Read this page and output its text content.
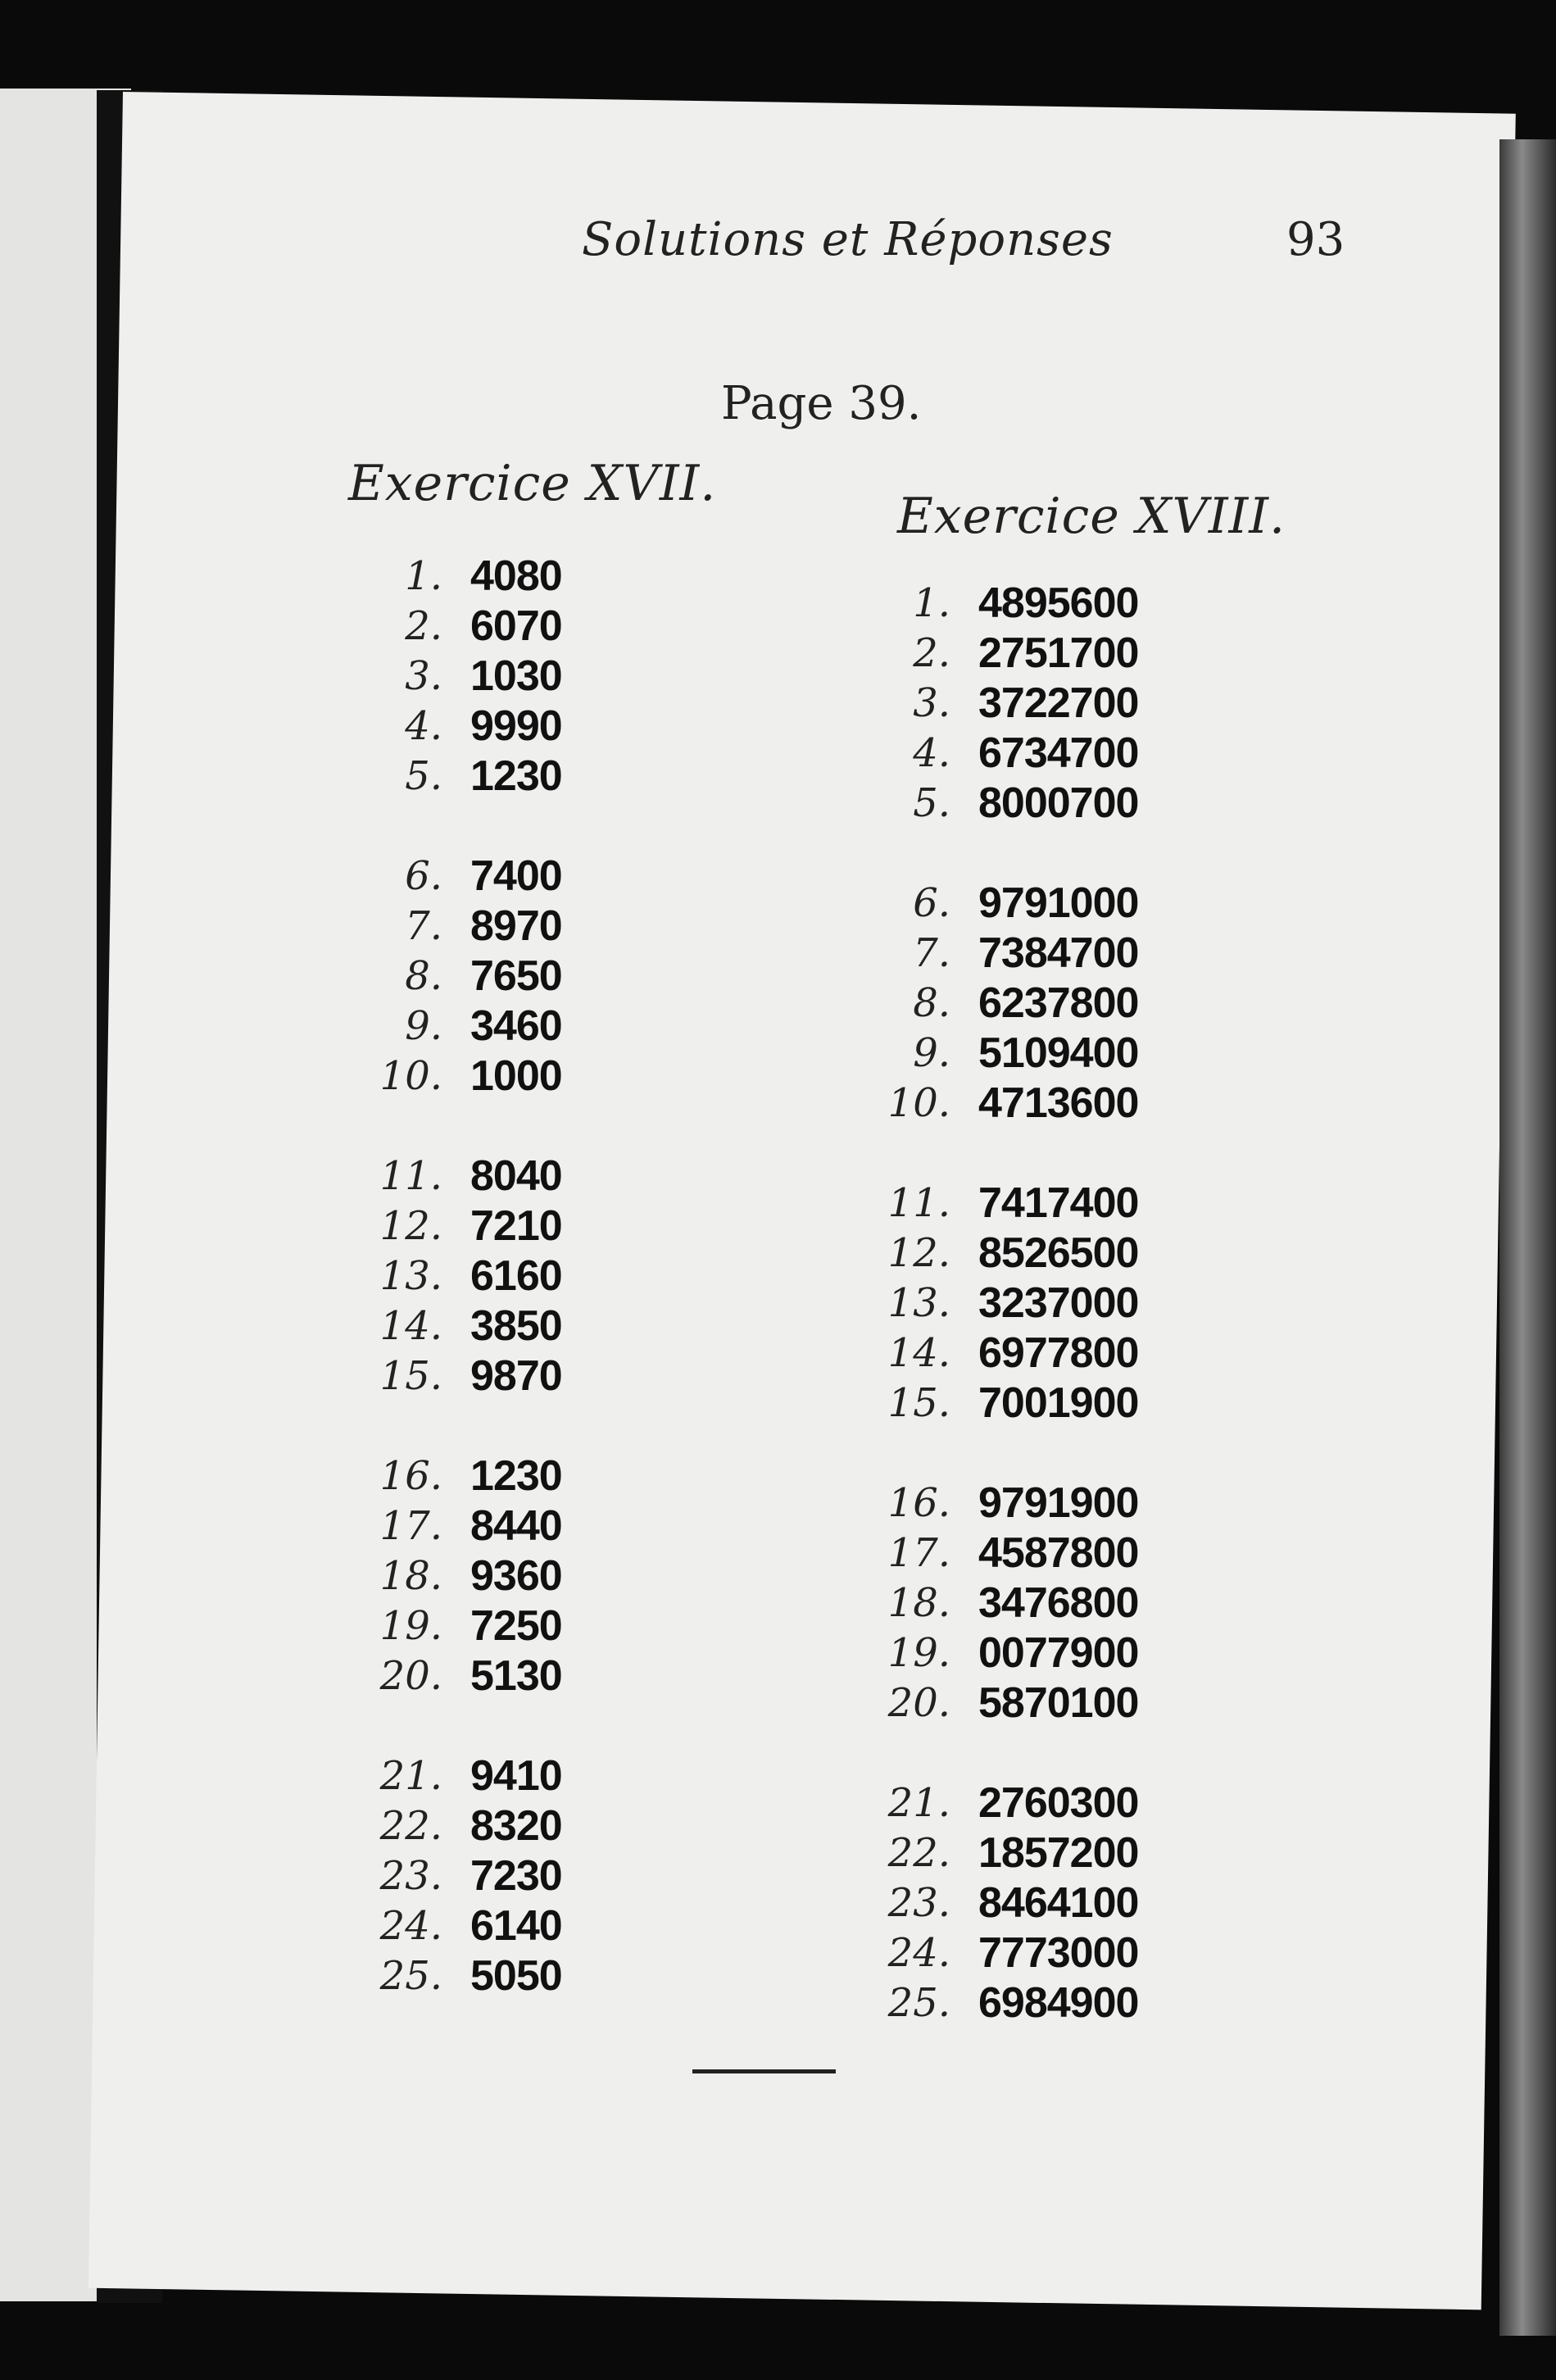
Solutions et Réponses	93
Page 39.
Exercice XVII.
Exercice XVIII.
1. 4080
2. 6070
3. 1030
4. 9990
5. 1230
6. 7400
7. 8970
8. 7650
9. 3460
10. 1000
11. 8040
12. 7210
13. 6160
14. 3850
15. 9870
16. 1230
17. 8440
18. 9360
19. 7250
20. 5130
21. 9410
22. 8320
23. 7230
24. 6140
25. 5050
1. 4895600
2. 2751700
3. 3722700
4. 6734700
5. 8000700
6. 9791000
7. 7384700
8. 6237800
9. 5109400
10. 4713600
11. 7417400
12. 8526500
13. 3237000
14. 6977800
15. 7001900
16. 9791900
17. 4587800
18. 3476800
19. 0077900
20. 5870100
21. 2760300
22. 1857200
23. 8464100
24. 7773000
25. 6984900
